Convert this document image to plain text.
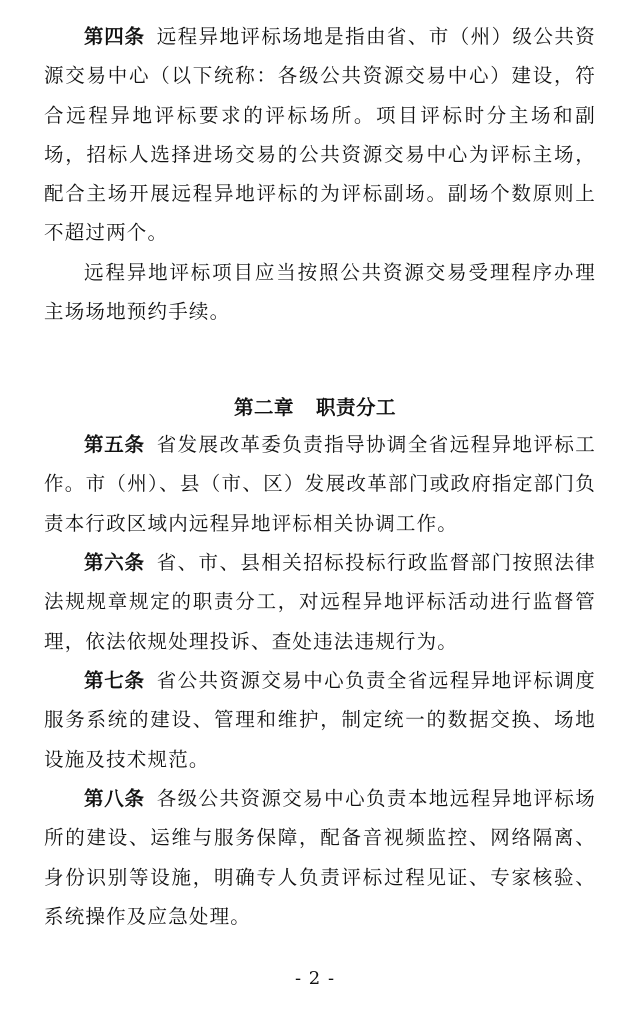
第四条 远程异地评标场地是指由省、市（州）级公共资源交易中心（以下统称：各级公共资源交易中心）建设，符合远程异地评标要求的评标场所。项目评标时分主场和副场，招标人选择进场交易的公共资源交易中心为评标主场，配合主场开展远程异地评标的为评标副场。副场个数原则上不超过两个。

远程异地评标项目应当按照公共资源交易受理程序办理主场场地预约手续。

第二章 职责分工

第五条 省发展改革委负责指导协调全省远程异地评标工作。市（州）、县（市、区）发展改革部门或政府指定部门负责本行政区域内远程异地评标相关协调工作。

第六条 省、市、县相关招标投标行政监督部门按照法律法规规章规定的职责分工，对远程异地评标活动进行监督管理，依法依规处理投诉、查处违法违规行为。

第七条 省公共资源交易中心负责全省远程异地评标调度服务系统的建设、管理和维护，制定统一的数据交换、场地设施及技术规范。

第八条 各级公共资源交易中心负责本地远程异地评标场所的建设、运维与服务保障，配备音视频监控、网络隔离、身份识别等设施，明确专人负责评标过程见证、专家核验、系统操作及应急处理。

- 2 -
